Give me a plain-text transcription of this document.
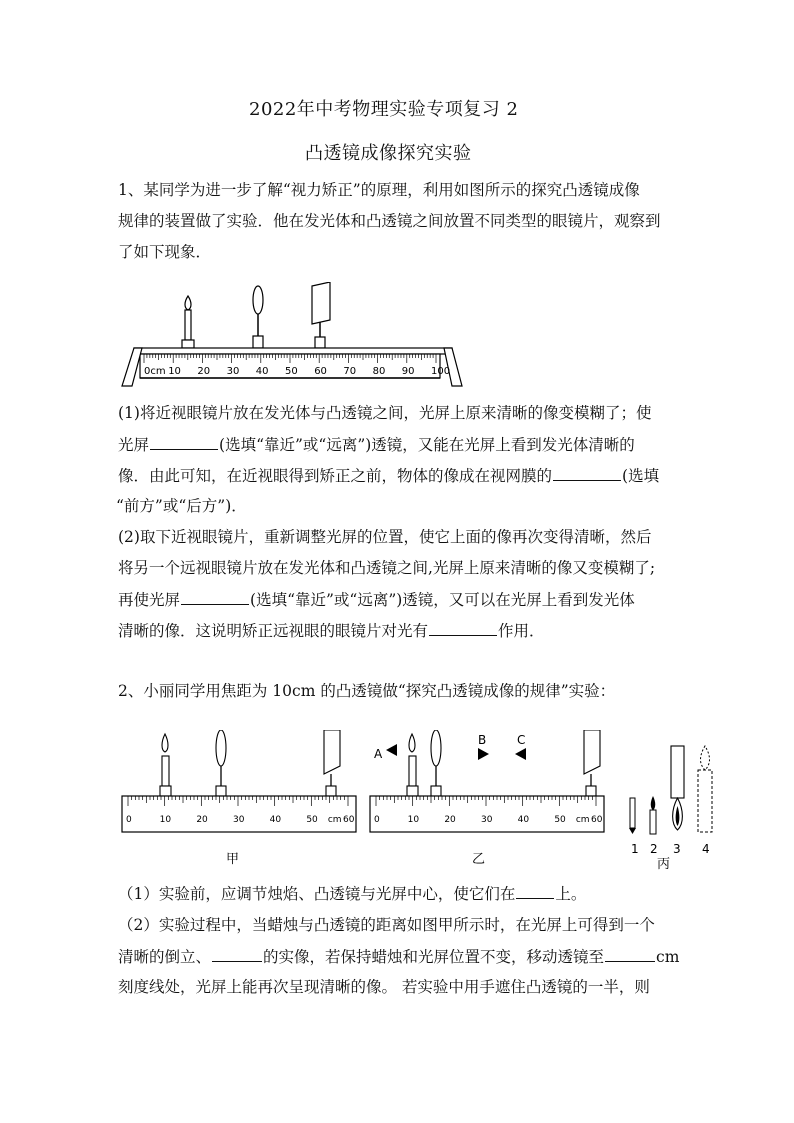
2022年中考物理实验专项复习 2
凸透镜成像探究实验
1、某同学为进一步了解“视力矫正”的原理，利用如图所示的探究凸透镜成像
规律的装置做了实验．他在发光体和凸透镜之间放置不同类型的眼镜片，观察到
了如下现象．
0cm 10 20 30 40 50 60 70 80 90 100
(1)将近视眼镜片放在发光体与凸透镜之间，光屏上原来清晰的像变模糊了；使
光屏	(选填“靠近”或“远离”)透镜，又能在光屏上看到发光体清晰的
像．由此可知，在近视眼得到矫正之前，物体的像成在视网膜的	(选填
“前方”或“后方”)．
(2)取下近视眼镜片，重新调整光屏的位置，使它上面的像再次变得清晰，然后
将另一个远视眼镜片放在发光体和凸透镜之间,光屏上原来清晰的像又变模糊了;
再使光屏	(选填“靠近”或“远离”)透镜，又可以在光屏上看到发光体
清晰的像．这说明矫正远视眼的眼镜片对光有	作用．
2、小丽同学用焦距为 10cm 的凸透镜做“探究凸透镜成像的规律”实验：
0	10	20	30	40	50 cm 60
甲
A
B	C
0	10	20	30	40	50 cm 60
乙
1 2 3 4
丙
（1）实验前，应调节烛焰、凸透镜与光屏中心，使它们在	上。
（2）实验过程中，当蜡烛与凸透镜的距离如图甲所示时，在光屏上可得到一个
清晰的倒立、	的实像，若保持蜡烛和光屏位置不变，移动透镜至	cm
刻度线处，光屏上能再次呈现清晰的像。 若实验中用手遮住凸透镜的一半，则
